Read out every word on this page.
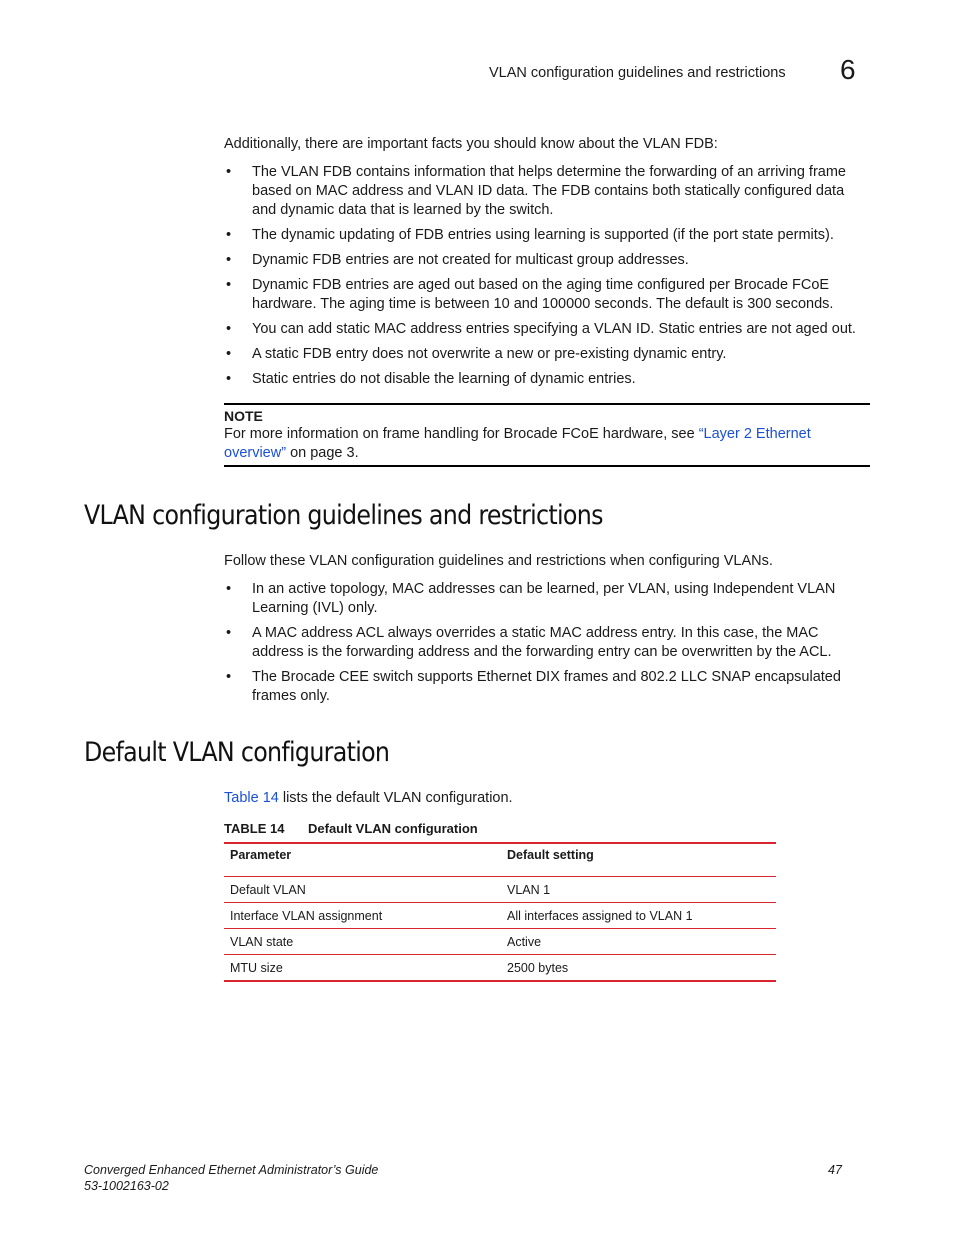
VLAN configuration guidelines and restrictions 6
Additionally, there are important facts you should know about the VLAN FDB:
• The VLAN FDB contains information that helps determine the forwarding of an arriving frame based on MAC address and VLAN ID data. The FDB contains both statically configured data and dynamic data that is learned by the switch.
• The dynamic updating of FDB entries using learning is supported (if the port state permits).
• Dynamic FDB entries are not created for multicast group addresses.
• Dynamic FDB entries are aged out based on the aging time configured per Brocade FCoE hardware. The aging time is between 10 and 100000 seconds. The default is 300 seconds.
• You can add static MAC address entries specifying a VLAN ID. Static entries are not aged out.
• A static FDB entry does not overwrite a new or pre-existing dynamic entry.
• Static entries do not disable the learning of dynamic entries.
NOTE
For more information on frame handling for Brocade FCoE hardware, see “Layer 2 Ethernet overview” on page 3.
VLAN configuration guidelines and restrictions
Follow these VLAN configuration guidelines and restrictions when configuring VLANs.
• In an active topology, MAC addresses can be learned, per VLAN, using Independent VLAN Learning (IVL) only.
• A MAC address ACL always overrides a static MAC address entry. In this case, the MAC address is the forwarding address and the forwarding entry can be overwritten by the ACL.
• The Brocade CEE switch supports Ethernet DIX frames and 802.2 LLC SNAP encapsulated frames only.
Default VLAN configuration
Table 14 lists the default VLAN configuration.
TABLE 14 Default VLAN configuration
Parameter	Default setting
Default VLAN	VLAN 1
Interface VLAN assignment	All interfaces assigned to VLAN 1
VLAN state	Active
MTU size	2500 bytes
Converged Enhanced Ethernet Administrator’s Guide
53-1002163-02
47
